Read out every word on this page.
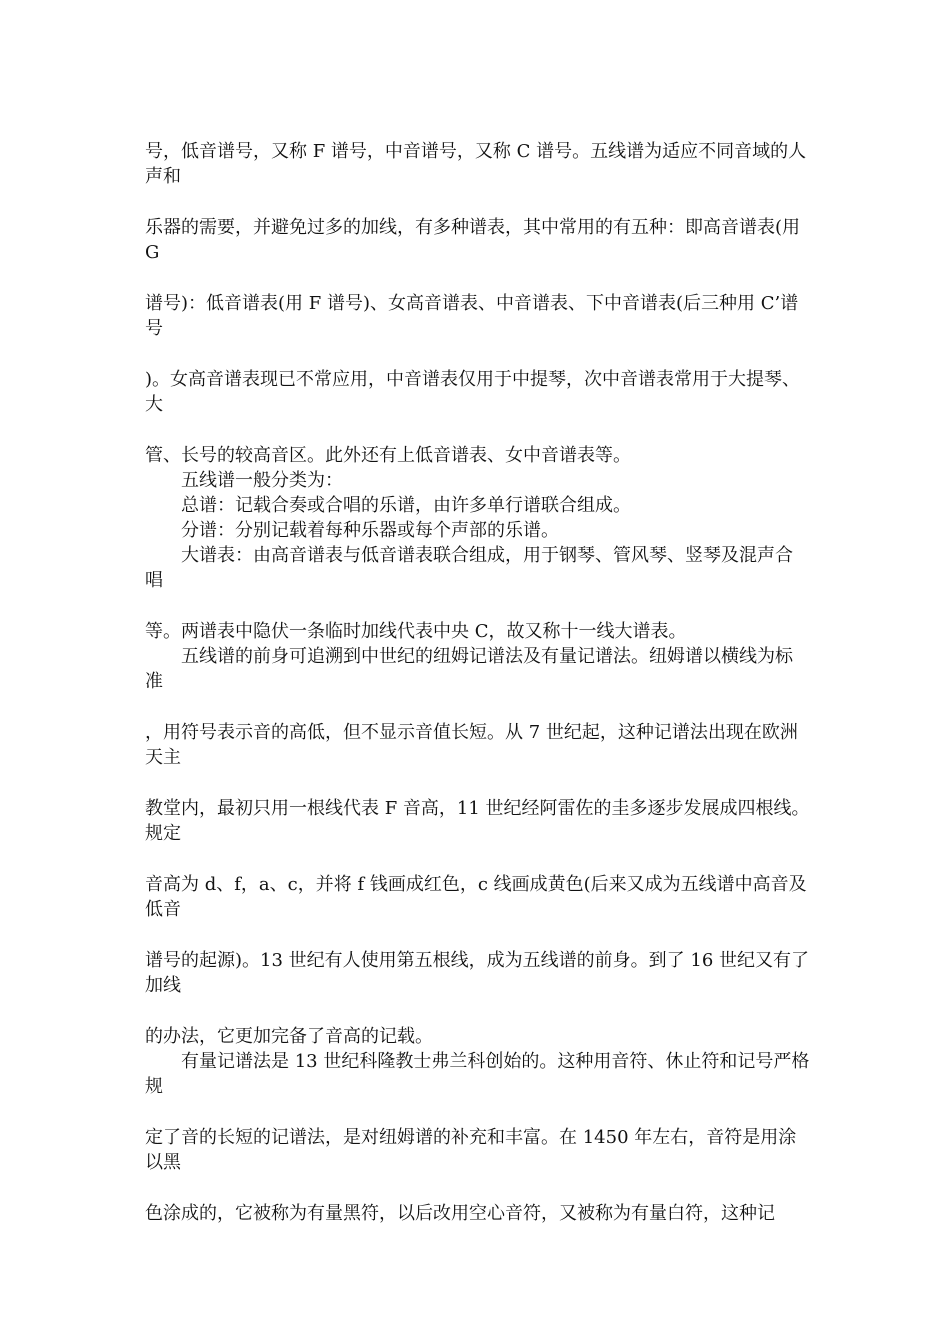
号，低音谱号，又称 F 谱号，中音谱号，又称 C 谱号。五线谱为适应不同音域的人声和

乐器的需要，并避免过多的加线，有多种谱表，其中常用的有五种：即高音谱表(用 G

谱号)：低音谱表(用 F 谱号)、女高音谱表、中音谱表、下中音谱表(后三种用 C’谱号

)。女高音谱表现已不常应用，中音谱表仅用于中提琴，次中音谱表常用于大提琴、大

管、长号的较高音区。此外还有上低音谱表、女中音谱表等。

五线谱一般分类为：

总谱：记载合奏或合唱的乐谱，由许多单行谱联合组成。

分谱：分别记载着每种乐器或每个声部的乐谱。

大谱表：由高音谱表与低音谱表联合组成，用于钢琴、管风琴、竖琴及混声合唱

等。两谱表中隐伏一条临时加线代表中央 C，故又称十一线大谱表。

五线谱的前身可追溯到中世纪的纽姆记谱法及有量记谱法。纽姆谱以横线为标准

，用符号表示音的高低，但不显示音值长短。从 7 世纪起，这种记谱法出现在欧洲天主

教堂内，最初只用一根线代表 F 音高，11 世纪经阿雷佐的圭多逐步发展成四根线。规定

音高为 d、f，a、c，并将 f 钱画成红色，c 线画成黄色(后来又成为五线谱中高音及低音

谱号的起源)。13 世纪有人使用第五根线，成为五线谱的前身。到了 16 世纪又有了加线

的办法，它更加完备了音高的记载。

有量记谱法是 13 世纪科隆教士弗兰科创始的。这种用音符、休止符和记号严格规

定了音的长短的记谱法，是对纽姆谱的补充和丰富。在 1450 年左右，音符是用涂以黑

色涂成的，它被称为有量黑符，以后改用空心音符，又被称为有量白符，这种记
